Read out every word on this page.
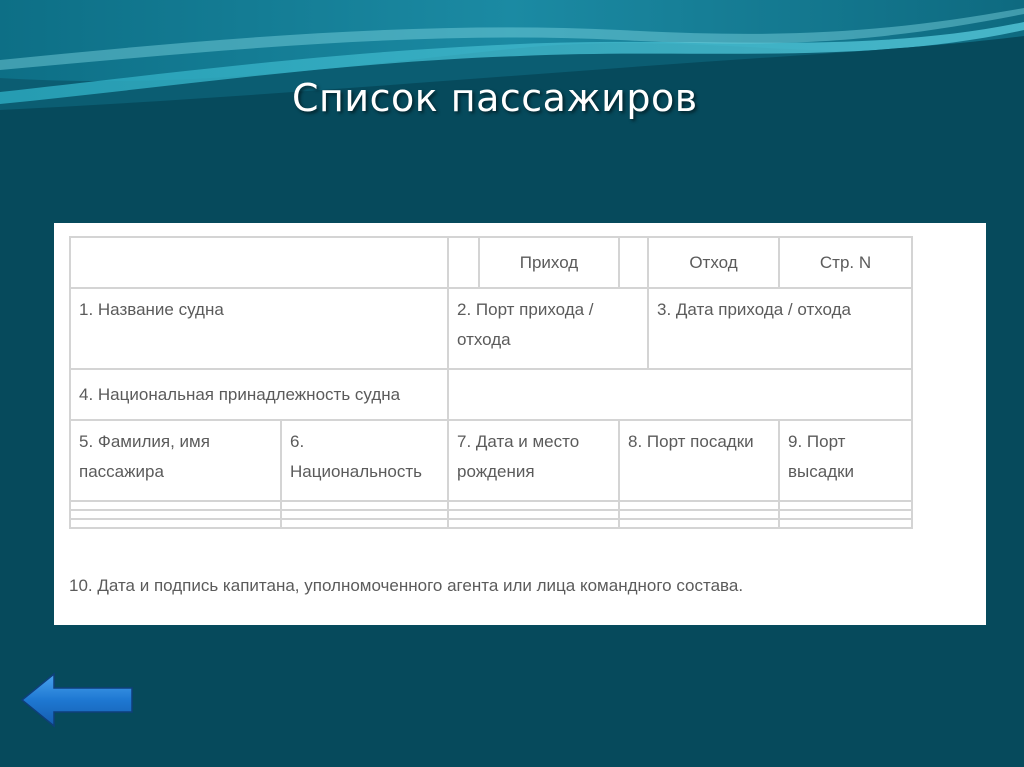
Список пассажиров
			Приход		Отход	Стр. N
1. Название судна		2. Порт прихода / отхода			3. Дата прихода / отхода	
4. Национальная принадлежность судна						
5. Фамилия, имя пассажира	6. Национальность	7. Дата и место рождения		8. Порт посадки		9. Порт высадки

10. Дата и подпись капитана, уполномоченного агента или лица командного состава.
